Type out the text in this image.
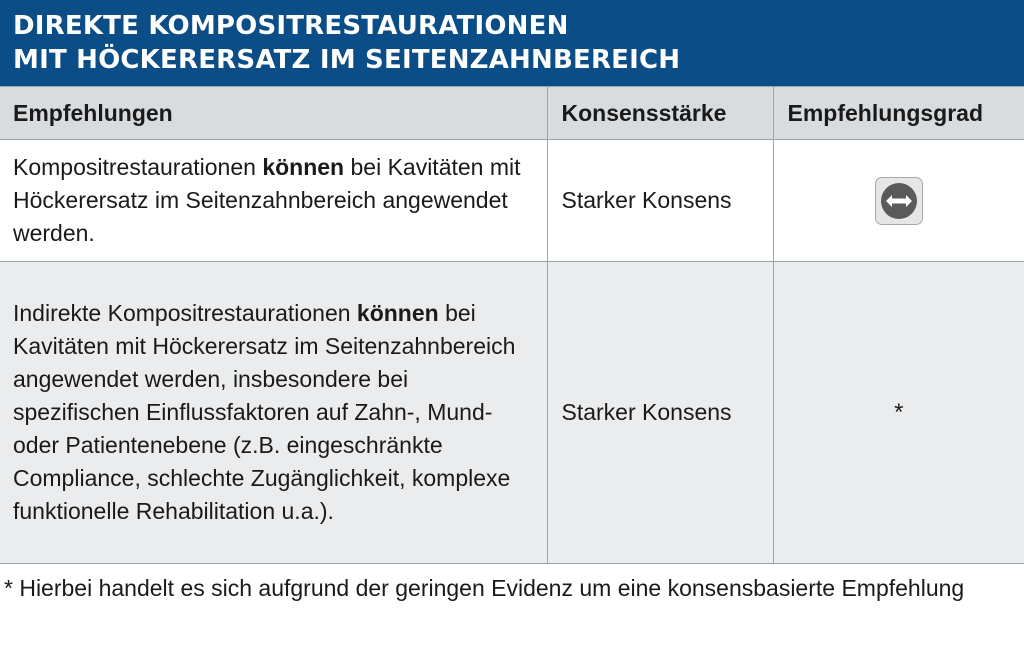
DIREKTE KOMPOSITRESTAURATIONEN
MIT HÖCKERERSATZ IM SEITENZAHNBEREICH
Empfehlungen	Konsensstärke	Empfehlungsgrad
Kompositrestaurationen können bei Kavitäten mit Höckerersatz im Seitenzahnbereich angewendet werden.	Starker Konsens	

Indirekte Kompositrestaurationen können bei Kavitäten mit Höckerersatz im Seitenzahnbereich angewendet werden, insbesondere bei spezifischen Einflussfaktoren auf Zahn-, Mund- oder Patientenebene (z.B. eingeschränkte Compliance, schlechte Zugänglichkeit, komplexe funktionelle Rehabilitation u.a.).	Starker Konsens	*
* Hierbei handelt es sich aufgrund der geringen Evidenz um eine konsensbasierte Empfehlung
